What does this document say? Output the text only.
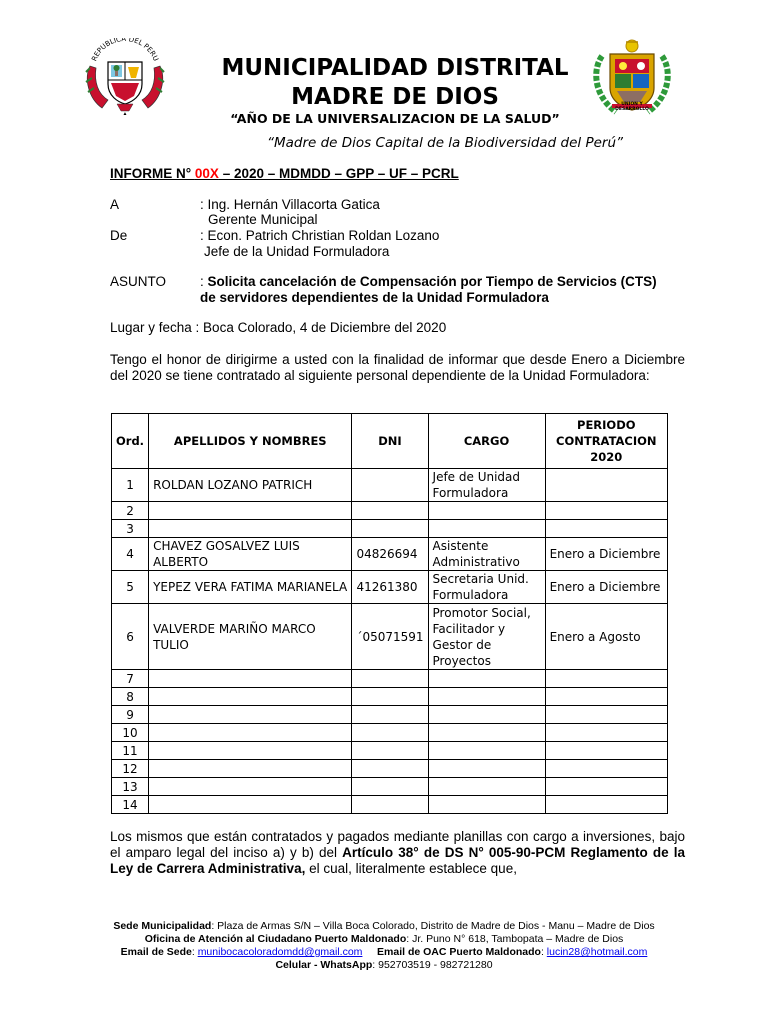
REPUBLICA DEL PERU
▲
UNION Y DESARROLLO
MUNICIPALIDAD DISTRITAL
MADRE DE DIOS
“AÑO DE LA UNIVERSALIZACION DE LA SALUD”
“Madre de Dios Capital de la Biodiversidad del Perú”
INFORME N° 00X – 2020 – MDMDD – GPP – UF – PCRL
A	: Ing. Hernán Villacorta Gatica
Gerente Municipal
De	: Econ. Patrich Christian Roldan Lozano
Jefe de la Unidad Formuladora
ASUNTO	: Solicita cancelación de Compensación por Tiempo de Servicios (CTS)
de servidores dependientes de la Unidad Formuladora
Lugar y fecha : Boca Colorado, 4 de Diciembre del 2020
Tengo el honor de dirigirme a usted con la finalidad de informar que desde Enero a Diciembre del 2020 se tiene contratado al siguiente personal dependiente de la Unidad Formuladora:
Ord.	APELLIDOS Y NOMBRES	DNI	CARGO	PERIODO CONTRATACION 2020
1	ROLDAN LOZANO PATRICH		Jefe de Unidad Formuladora	
2				
3				
4	CHAVEZ GOSALVEZ LUIS ALBERTO	04826694	Asistente Administrativo	Enero a Diciembre
5	YEPEZ VERA FATIMA MARIANELA	41261380	Secretaria Unid. Formuladora	Enero a Diciembre
6	VALVERDE MARIÑO MARCO TULIO	´05071591	Promotor Social, Facilitador y Gestor de Proyectos	Enero a Agosto
7				
8				
9				
10				
11				
12				
13				
14				
Los mismos que están contratados y pagados mediante planillas con cargo a inversiones, bajo el amparo legal del inciso a) y b) del Artículo 38° de DS N° 005-90-PCM Reglamento de la Ley de Carrera Administrativa, el cual, literalmente establece que,
Sede Municipalidad: Plaza de Armas S/N – Villa Boca Colorado, Distrito de Madre de Dios - Manu – Madre de Dios
Oficina de Atención al Ciudadano Puerto Maldonado: Jr. Puno N° 618, Tambopata – Madre de Dios
Email de Sede: munibocacoloradomdd@gmail.com Email de OAC Puerto Maldonado: lucin28@hotmail.com
Celular - WhatsApp: 952703519 - 982721280
